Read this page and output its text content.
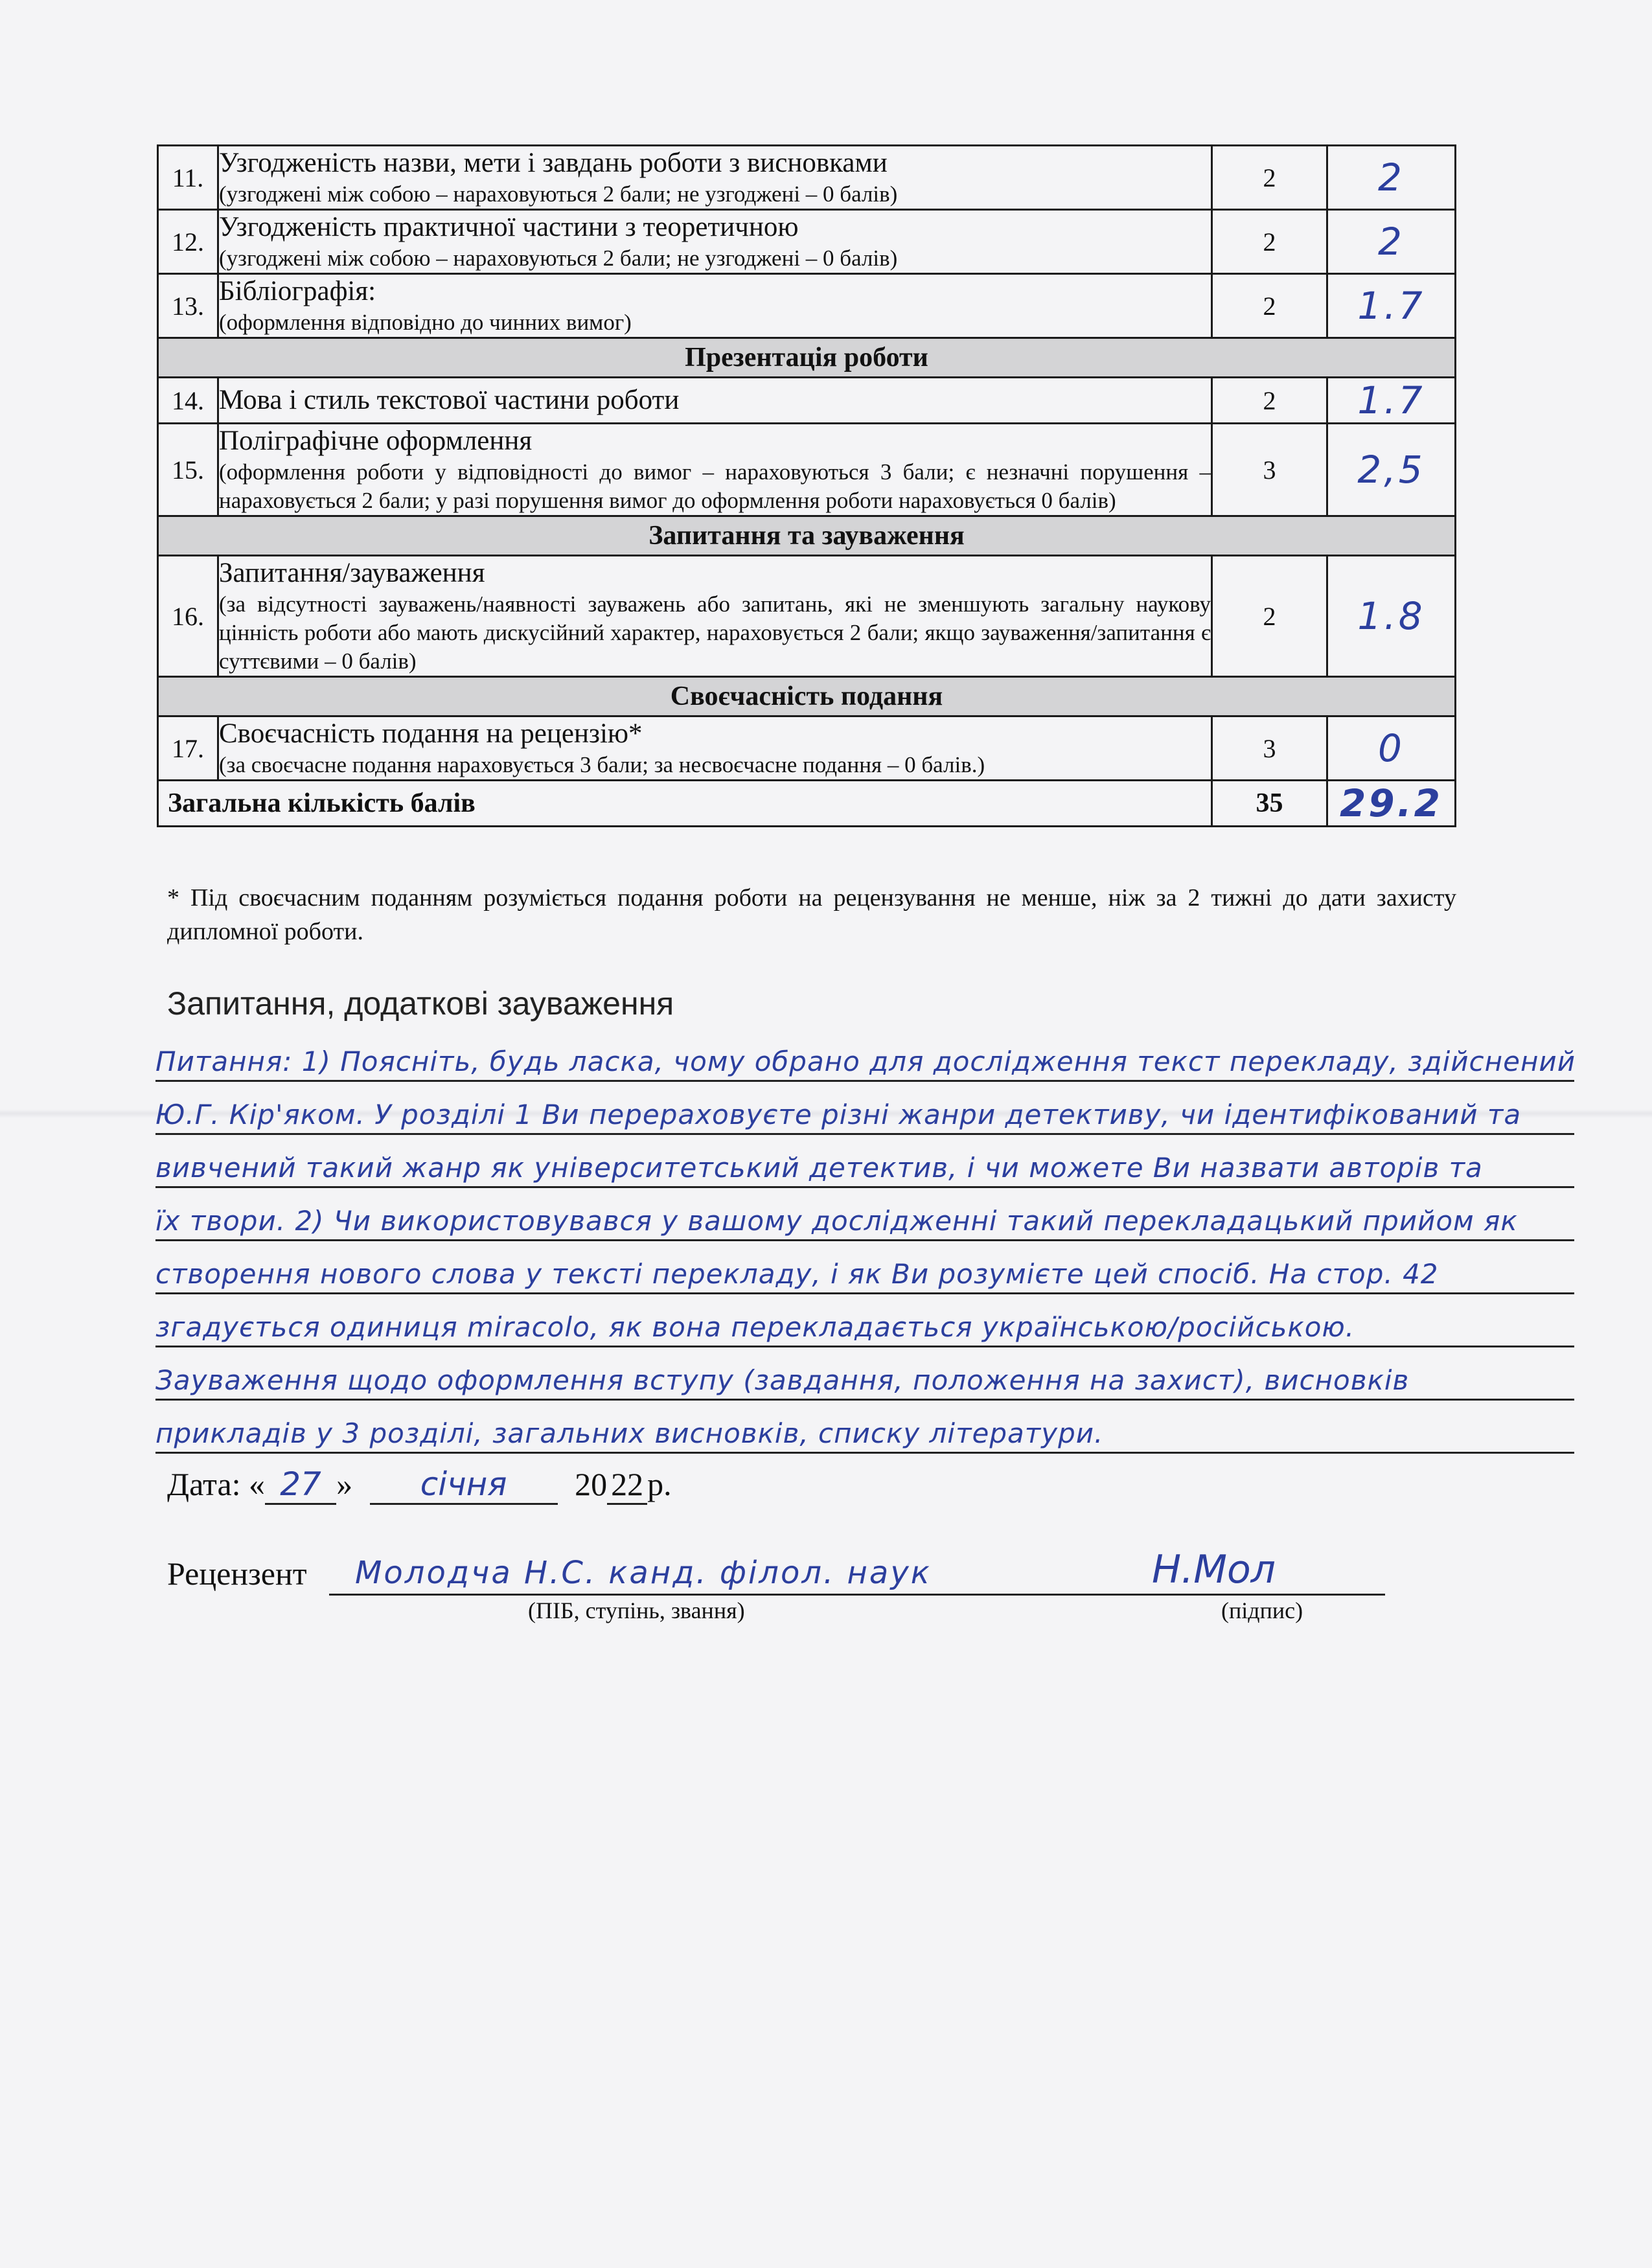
11.	Узгодженість назви, мети і завдань роботи з висновками
(узгоджені між собою – нараховуються 2 бали; не узгоджені – 0 балів)	2	2
12.	Узгодженість практичної частини з теоретичною
(узгоджені між собою – нараховуються 2 бали; не узгоджені – 0 балів)	2	2
13.	Бібліографія:
(оформлення відповідно до чинних вимог)	2	1.7
Презентація роботи			
14.	Мова і стиль текстової частини роботи	2	1.7
15.	Поліграфічне оформлення
(оформлення роботи у відповідності до вимог – нараховуються 3 бали; є незначні порушення – нараховується 2 бали; у разі порушення вимог до оформлення роботи нараховується 0 балів)	3	2,5
Запитання та зауваження			
16.	Запитання/зауваження
(за відсутності зауважень/наявності зауважень або запитань, які не зменшують загальну наукову цінність роботи або мають дискусійний характер, нараховується 2 бали; якщо зауваження/запитання є суттєвими – 0 балів)	2	1.8
Своєчасність подання			
17.	Своєчасність подання на рецензію*
(за своєчасне подання нараховується 3 бали; за несвоєчасне подання – 0 балів.)	3	0
Загальна кількість балів		35	29.2
* Під своєчасним поданням розуміється подання роботи на рецензування не менше, ніж за 2 тижні до дати захисту дипломної роботи.
Запитання, додаткові зауваження
Питання: 1) Поясніть, будь ласка, чому обрано для дослідження текст перекладу, здійснений
Ю.Г. Кір'яком. У розділі 1 Ви перераховуєте різні жанри детективу, чи ідентифікований та
вивчений такий жанр як університетський детектив, і чи можете Ви назвати авторів та
їх твори. 2) Чи використовувався у вашому дослідженні такий перекладацький прийом як
створення нового слова у тексті перекладу, і як Ви розумієте цей спосіб. На стор. 42
згадується одиниця miracolo, як вона перекладається українською/російською.
Зауваження щодо оформлення вступу (завдання, положення на захист), висновків
прикладів у 3 розділі, загальних висновків, списку літератури.
Дата: « 27 » січня 20 22 р.
Рецензент Молодча Н.С. канд. філол. наук	Н.Мол
(ПІБ, ступінь, звання)	(підпис)
